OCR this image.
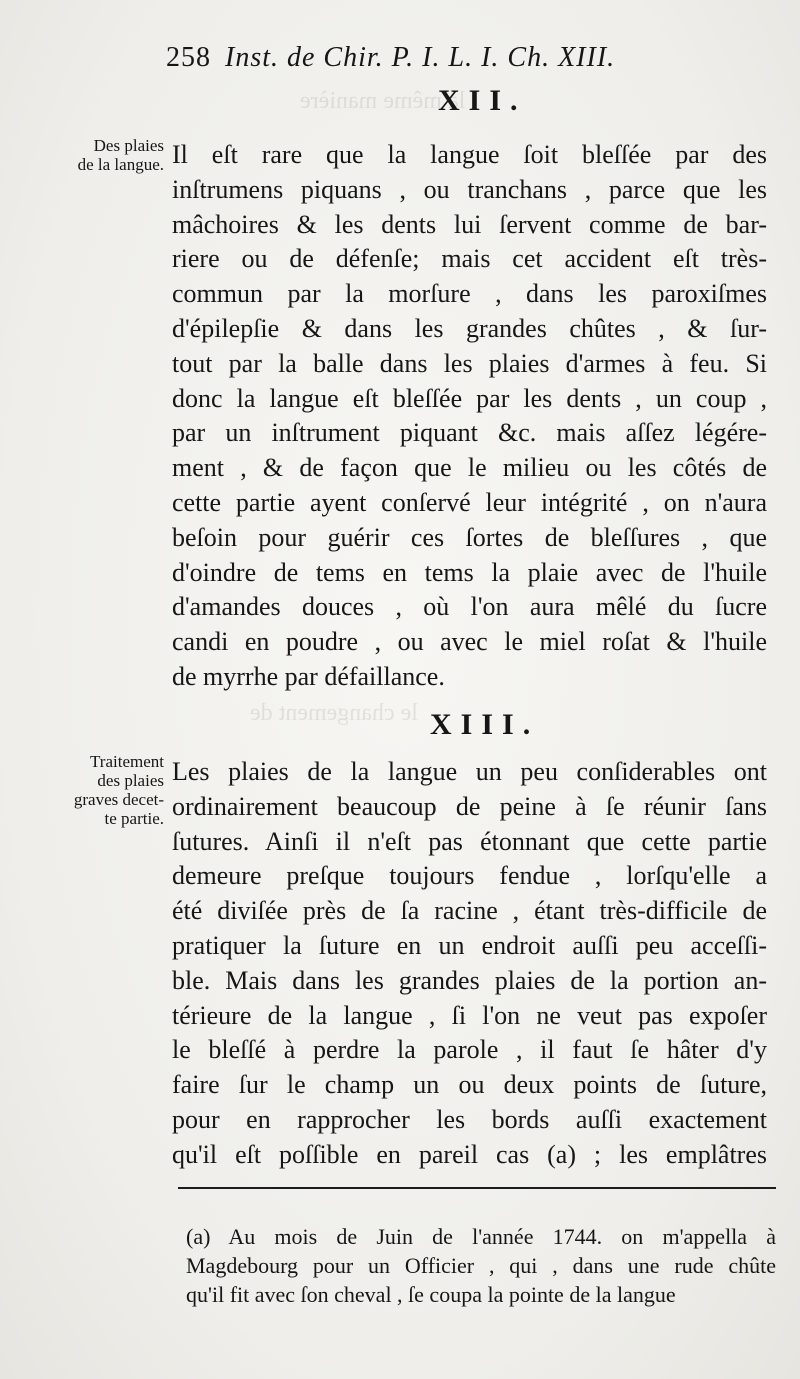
la même manière
le changement de
258 Inst. de Chir. P. I. L. I. Ch. XIII.
XII.
Des plaies
de la langue. Il eſt rare que la langue ſoit bleſſée par des
inſtrumens piquans , ou tranchans , parce que les
mâchoires & les dents lui ſervent comme de bar-
riere ou de défenſe; mais cet accident eſt très-
commun par la morſure , dans les paroxiſmes
d'épilepſie & dans les grandes chûtes , & ſur-
tout par la balle dans les plaies d'armes à feu. Si
donc la langue eſt bleſſée par les dents , un coup ,
par un inſtrument piquant &c. mais aſſez légére-
ment , & de façon que le milieu ou les côtés de
cette partie ayent conſervé leur intégrité , on n'aura
beſoin pour guérir ces ſortes de bleſſures , que
d'oindre de tems en tems la plaie avec de l'huile
d'amandes douces , où l'on aura mêlé du ſucre
candi en poudre , ou avec le miel roſat & l'huile
de myrrhe par défaillance.
XIII.
Traitement
des plaies
graves decet-
te partie.
Les plaies de la langue un peu conſiderables ont
ordinairement beaucoup de peine à ſe réunir ſans
ſutures. Ainſi il n'eſt pas étonnant que cette partie
demeure preſque toujours fendue , lorſqu'elle a
été diviſée près de ſa racine , étant très-difficile de
pratiquer la ſuture en un endroit auſſi peu acceſſi-
ble. Mais dans les grandes plaies de la portion an-
térieure de la langue , ſi l'on ne veut pas expoſer
le bleſſé à perdre la parole , il faut ſe hâter d'y
faire ſur le champ un ou deux points de ſuture,
pour en rapprocher les bords auſſi exactement
qu'il eſt poſſible en pareil cas (a) ; les emplâtres
(a) Au mois de Juin de l'année 1744. on m'appella à
Magdebourg pour un Officier , qui , dans une rude chûte
qu'il fit avec ſon cheval , ſe coupa la pointe de la langue
